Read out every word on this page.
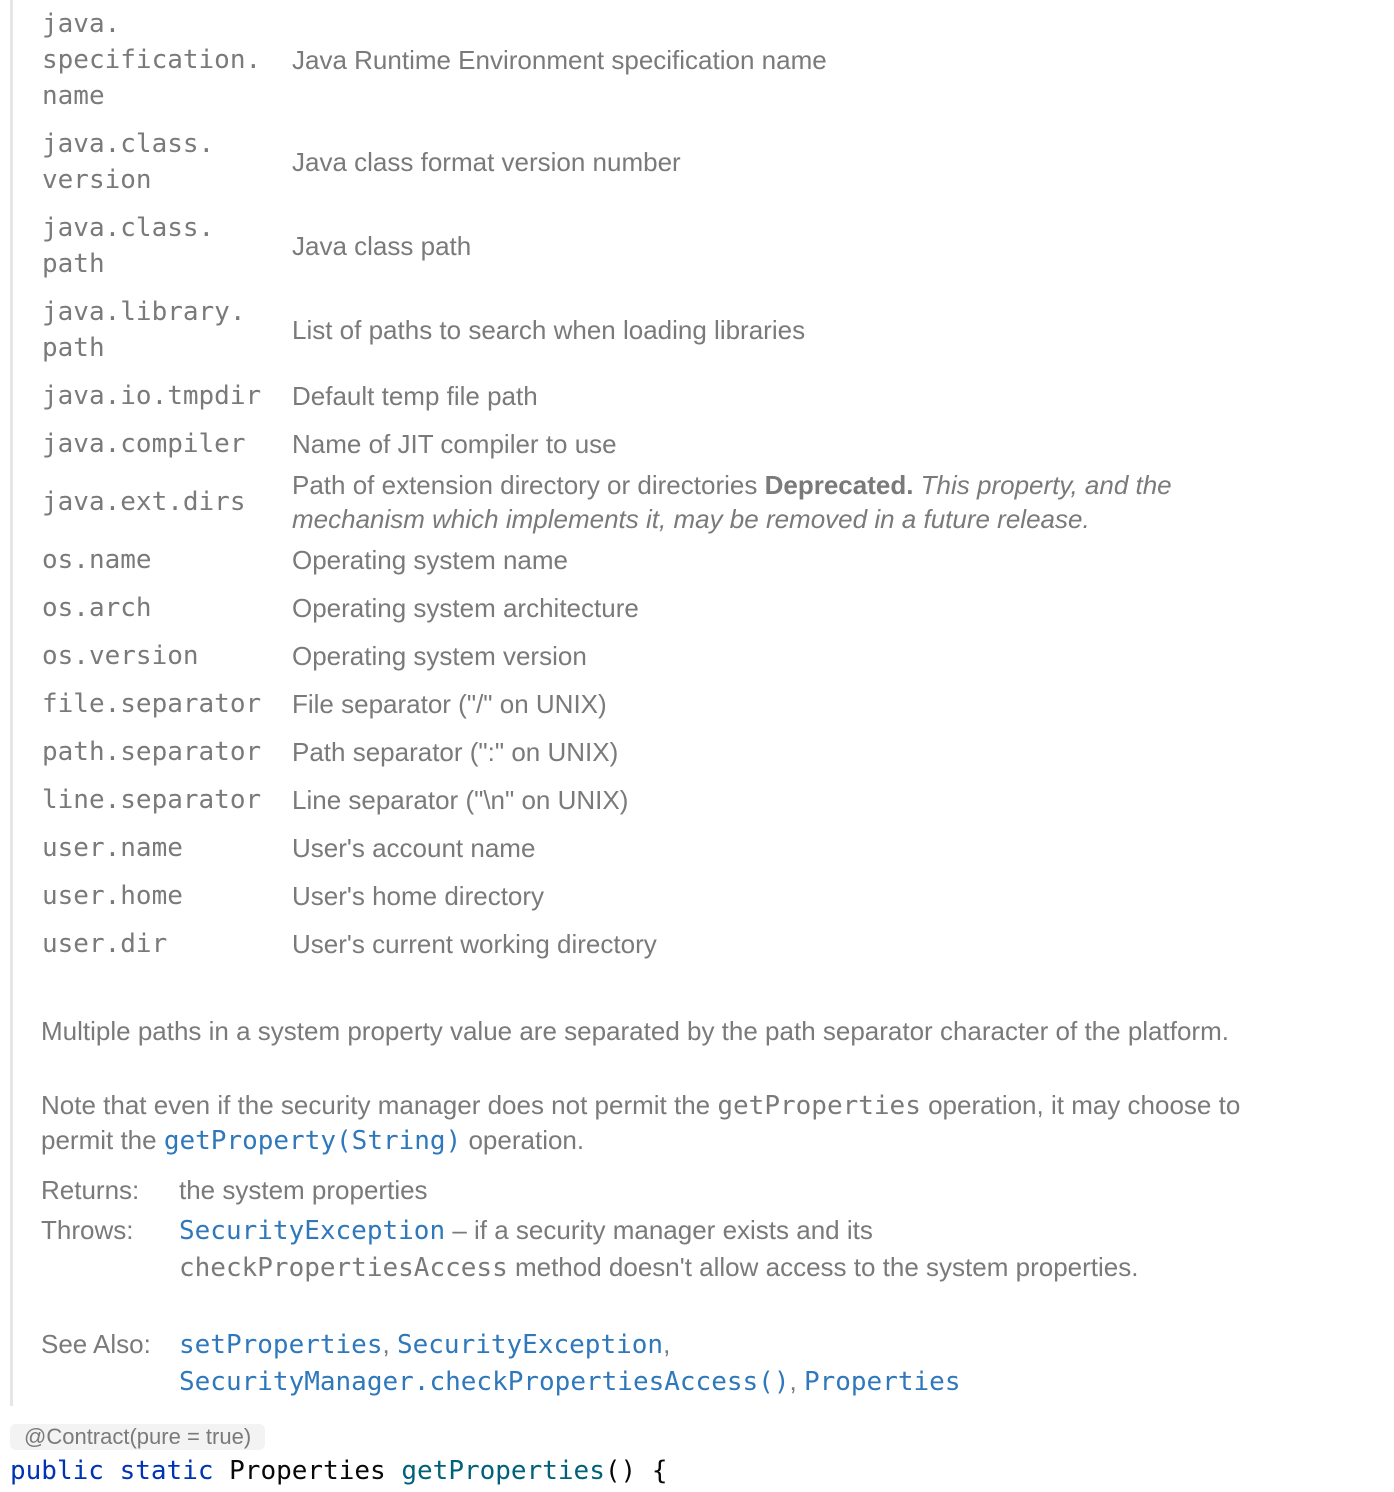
java.
specification.
name	Java Runtime Environment specification name

java.class.
version	Java class format version number

java.class.
path	Java class path

java.library.
path	List of paths to search when loading libraries

java.io.tmpdir	Default temp file path

java.compiler	Name of JIT compiler to use

java.ext.dirs	Path of extension directory or directories Deprecated. This property, and the mechanism which implements it, may be removed in a future release.

os.name	Operating system name

os.arch	Operating system architecture

os.version	Operating system version

file.separator	File separator ("/" on UNIX)

path.separator	Path separator (":" on UNIX)

line.separator	Line separator ("\n" on UNIX)

user.name	User's account name

user.home	User's home directory

user.dir	User's current working directory
Multiple paths in a system property value are separated by the path separator character of the platform.
Note that even if the security manager does not permit the getProperties operation, it may choose to permit the getProperty(String) operation.
Returns:	the system properties
Throws:	SecurityException – if a security manager exists and its checkPropertiesAccess method doesn't allow access to the system properties.
See Also:	setProperties, SecurityException, SecurityManager.checkPropertiesAccess(), Properties
@Contract(pure = true)
public static Properties getProperties() {
